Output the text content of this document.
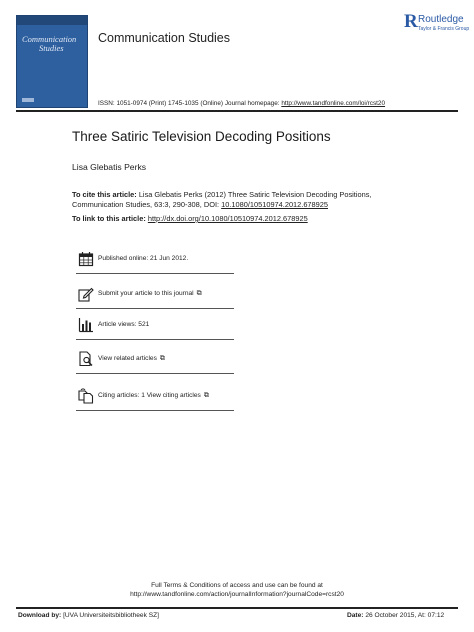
Communication
Studies
Communication Studies
R Routledge
Taylor & Francis Group
ISSN: 1051-0974 (Print) 1745-1035 (Online) Journal homepage: http://www.tandfonline.com/loi/rcst20
Three Satiric Television Decoding Positions
Lisa Glebatis Perks
To cite this article: Lisa Glebatis Perks (2012) Three Satiric Television Decoding Positions, Communication Studies, 63:3, 290-308, DOI: 10.1080/10510974.2012.678925
To link to this article: http://dx.doi.org/10.1080/10510974.2012.678925
Published online: 21 Jun 2012.
Submit your article to this journal ⧉
Article views: 521
View related articles ⧉
Citing articles: 1 View citing articles ⧉
Full Terms & Conditions of access and use can be found at
http://www.tandfonline.com/action/journalInformation?journalCode=rcst20
Download by: [UVA Universiteitsbibliotheek SZ]	Date: 26 October 2015, At: 07:12
